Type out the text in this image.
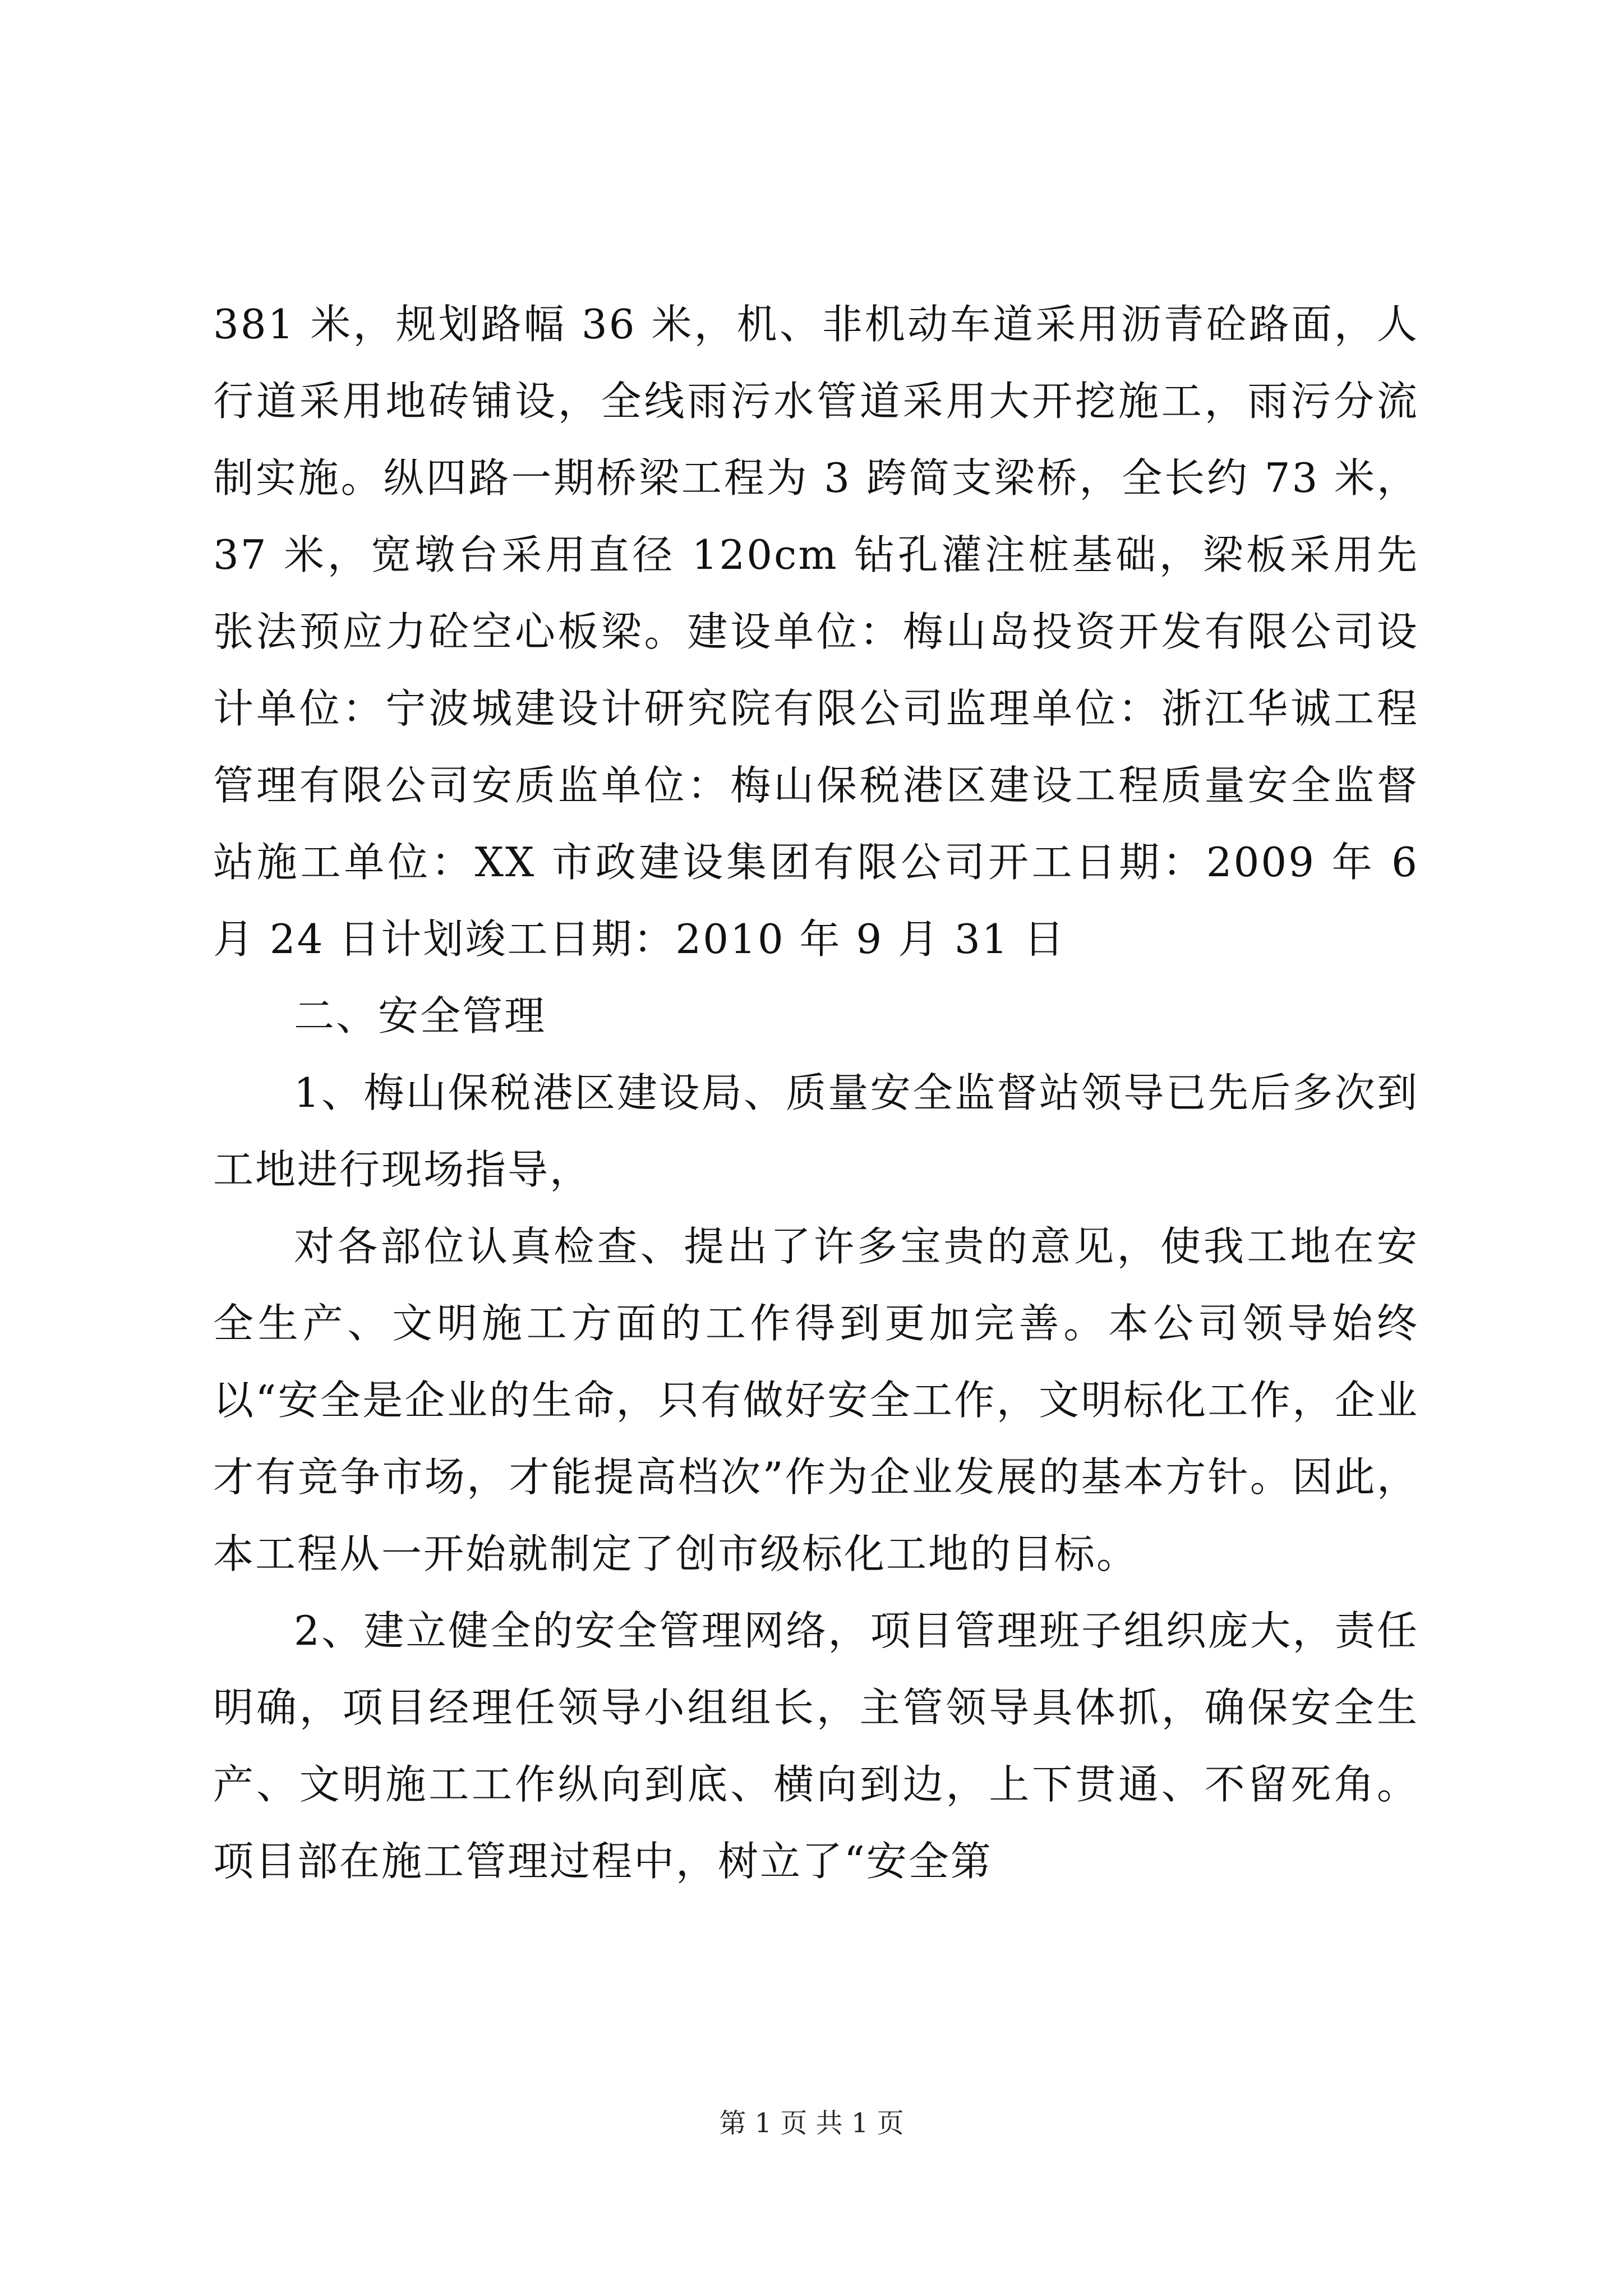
381 米，规划路幅 36 米，机、非机动车道采用沥青砼路面，人行道采用地砖铺设，全线雨污水管道采用大开挖施工，雨污分流制实施。纵四路一期桥梁工程为 3 跨简支梁桥，全长约 73 米，37 米，宽墩台采用直径 120cm 钻孔灌注桩基础，梁板采用先张法预应力砼空心板梁。建设单位：梅山岛投资开发有限公司设计单位：宁波城建设计研究院有限公司监理单位：浙江华诚工程管理有限公司安质监单位：梅山保税港区建设工程质量安全监督站施工单位：XX 市政建设集团有限公司开工日期：2009 年 6 月 24 日计划竣工日期：2010 年 9 月 31 日

二、安全管理

1、梅山保税港区建设局、质量安全监督站领导已先后多次到工地进行现场指导，

对各部位认真检查、提出了许多宝贵的意见，使我工地在安全生产、文明施工方面的工作得到更加完善。本公司领导始终以“安全是企业的生命，只有做好安全工作，文明标化工作，企业才有竞争市场，才能提高档次”作为企业发展的基本方针。因此，本工程从一开始就制定了创市级标化工地的目标。

2、建立健全的安全管理网络，项目管理班子组织庞大，责任明确，项目经理任领导小组组长，主管领导具体抓，确保安全生产、文明施工工作纵向到底、横向到边，上下贯通、不留死角。项目部在施工管理过程中，树立了“安全第

第 1 页 共 1 页
